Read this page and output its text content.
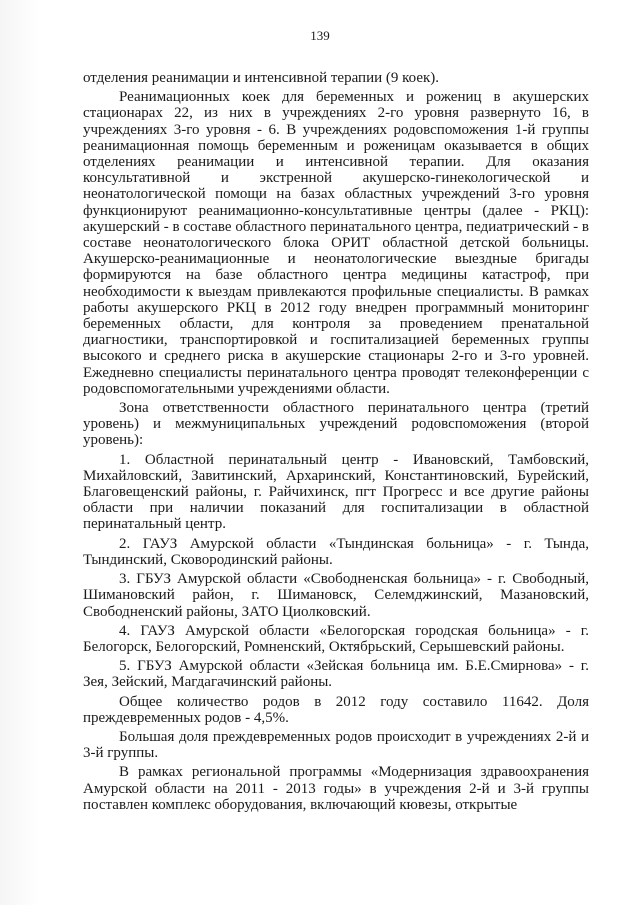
139

отделения реанимации и интенсивной терапии (9 коек).

Реанимационных коек для беременных и рожениц в акушерских стационарах 22, из них в учреждениях 2-го уровня развернуто 16, в учреждениях 3-го уровня - 6. В учреждениях родовспоможения 1-й группы реанимационная помощь беременным и роженицам оказывается в общих отделениях реанимации и интенсивной терапии. Для оказания консультативной и экстренной акушерско-гинекологической и неонатологической помощи на базах областных учреждений 3-го уровня функционируют реанимационно-консультативные центры (далее - РКЦ): акушерский - в составе областного перинатального центра, педиатрический - в составе неонатологического блока ОРИТ областной детской больницы. Акушерско-реанимационные и неонатологические выездные бригады формируются на базе областного центра медицины катастроф, при необходимости к выездам привлекаются профильные специалисты. В рамках работы акушерского РКЦ в 2012 году внедрен программный мониторинг беременных области, для контроля за проведением пренатальной диагностики, транспортировкой и госпитализацией беременных группы высокого и среднего риска в акушерские стационары 2-го и 3-го уровней. Ежедневно специалисты перинатального центра проводят телеконференции с родовспомогательными учреждениями области.

Зона ответственности областного перинатального центра (третий уровень) и межмуниципальных учреждений родовспоможения (второй уровень):

1. Областной перинатальный центр - Ивановский, Тамбовский, Михайловский, Завитинский, Архаринский, Константиновский, Бурейский, Благовещенский районы, г. Райчихинск, пгт Прогресс и все другие районы области при наличии показаний для госпитализации в областной перинатальный центр.

2. ГАУЗ Амурской области «Тындинская больница» - г. Тында, Тындинский, Сковородинский районы.

3. ГБУЗ Амурской области «Свободненская больница» - г. Свободный, Шимановский район, г. Шимановск, Селемджинский, Мазановский, Свободненский районы, ЗАТО Циолковский.

4. ГАУЗ Амурской области «Белогорская городская больница» - г. Белогорск, Белогорский, Ромненский, Октябрьский, Серышевский районы.

5. ГБУЗ Амурской области «Зейская больница им. Б.Е.Смирнова» - г. Зея, Зейский, Магдагачинский районы.

Общее количество родов в 2012 году составило 11642. Доля преждевременных родов - 4,5%.

Большая доля преждевременных родов происходит в учреждениях 2-й и 3-й группы.

В рамках региональной программы «Модернизация здравоохранения Амурской области на 2011 - 2013 годы» в учреждения 2-й и 3-й группы поставлен комплекс оборудования, включающий кювезы, открытые
